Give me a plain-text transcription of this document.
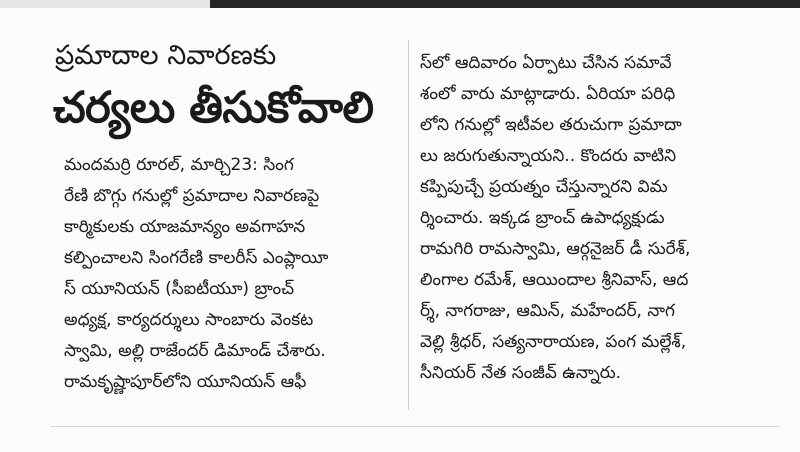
ప్రమాదాల నివారణకు
చర్యలు తీసుకోవాలి
మందమర్రి రూరల్, మార్చి23: సింగ
రేణి బొగ్గు గనుల్లో ప్రమాదాల నివారణపై
కార్మికులకు యాజమాన్యం అవగాహన
కల్పించాలని సింగరేణి కాలరీస్ ఎంప్లాయీ
స్ యూనియన్ (సీఐటీయూ) బ్రాంచ్
అధ్యక్ష, కార్యదర్శులు సాంబారు వెంకట
స్వామి, అల్లి రాజేందర్ డిమాండ్ చేశారు.
రామకృష్ణాపూర్‌లోని యూనియన్ ఆఫీ
స్‌లో ఆదివారం ఏర్పాటు చేసిన సమావే
శంలో వారు మాట్లాడారు. ఏరియా పరిధి
లోని గనుల్లో ఇటీవల తరుచుగా ప్రమాదా
లు జరుగుతున్నాయని.. కొందరు వాటిని
కప్పిపుచ్చే ప్రయత్నం చేస్తున్నారని విమ
ర్శించారు. ఇక్కడ బ్రాంచ్ ఉపాధ్యక్షుడు
రామగిరి రామస్వామి, ఆర్గనైజర్ డీ సురేశ్,
లింగాల రమేశ్, ఆయిందాల శ్రీనివాస్, ఆద
ర్శ్, నాగరాజు, ఆమిన్, మహేందర్, నాగ
వెల్లి శ్రీధర్, సత్యనారాయణ, పంగ మల్లేశ్,
సీనియర్ నేత సంజీవ్ ఉన్నారు.
